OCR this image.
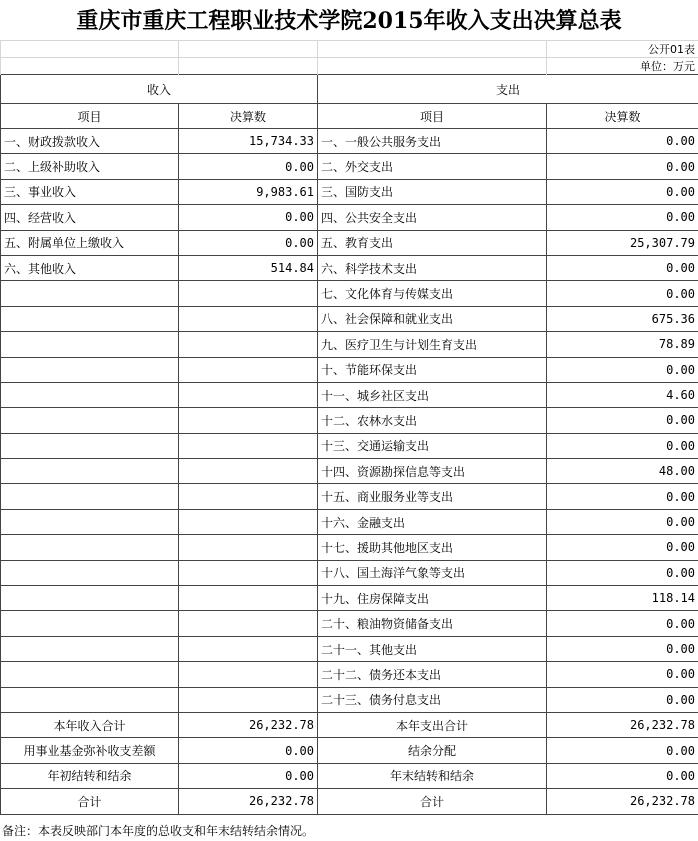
重庆市重庆工程职业技术学院2015年收入支出决算总表
			公开01表
			单位：万元
收入		支出	
项目	决算数	项目	决算数
一、财政拨款收入	15,734.33	一、一般公共服务支出	0.00
二、上级补助收入	0.00	二、外交支出	0.00
三、事业收入	9,983.61	三、国防支出	0.00
四、经营收入	0.00	四、公共安全支出	0.00
五、附属单位上缴收入	0.00	五、教育支出	25,307.79
六、其他收入	514.84	六、科学技术支出	0.00
		七、文化体育与传媒支出	0.00
		八、社会保障和就业支出	675.36
		九、医疗卫生与计划生育支出	78.89
		十、节能环保支出	0.00
		十一、城乡社区支出	4.60
		十二、农林水支出	0.00
		十三、交通运输支出	0.00
		十四、资源勘探信息等支出	48.00
		十五、商业服务业等支出	0.00
		十六、金融支出	0.00
		十七、援助其他地区支出	0.00
		十八、国土海洋气象等支出	0.00
		十九、住房保障支出	118.14
		二十、粮油物资储备支出	0.00
		二十一、其他支出	0.00
		二十二、债务还本支出	0.00
		二十三、债务付息支出	0.00
本年收入合计	26,232.78	本年支出合计	26,232.78
用事业基金弥补收支差额	0.00	结余分配	0.00
年初结转和结余	0.00	年末结转和结余	0.00
合计	26,232.78	合计	26,232.78
备注：本表反映部门本年度的总收支和年末结转结余情况。
